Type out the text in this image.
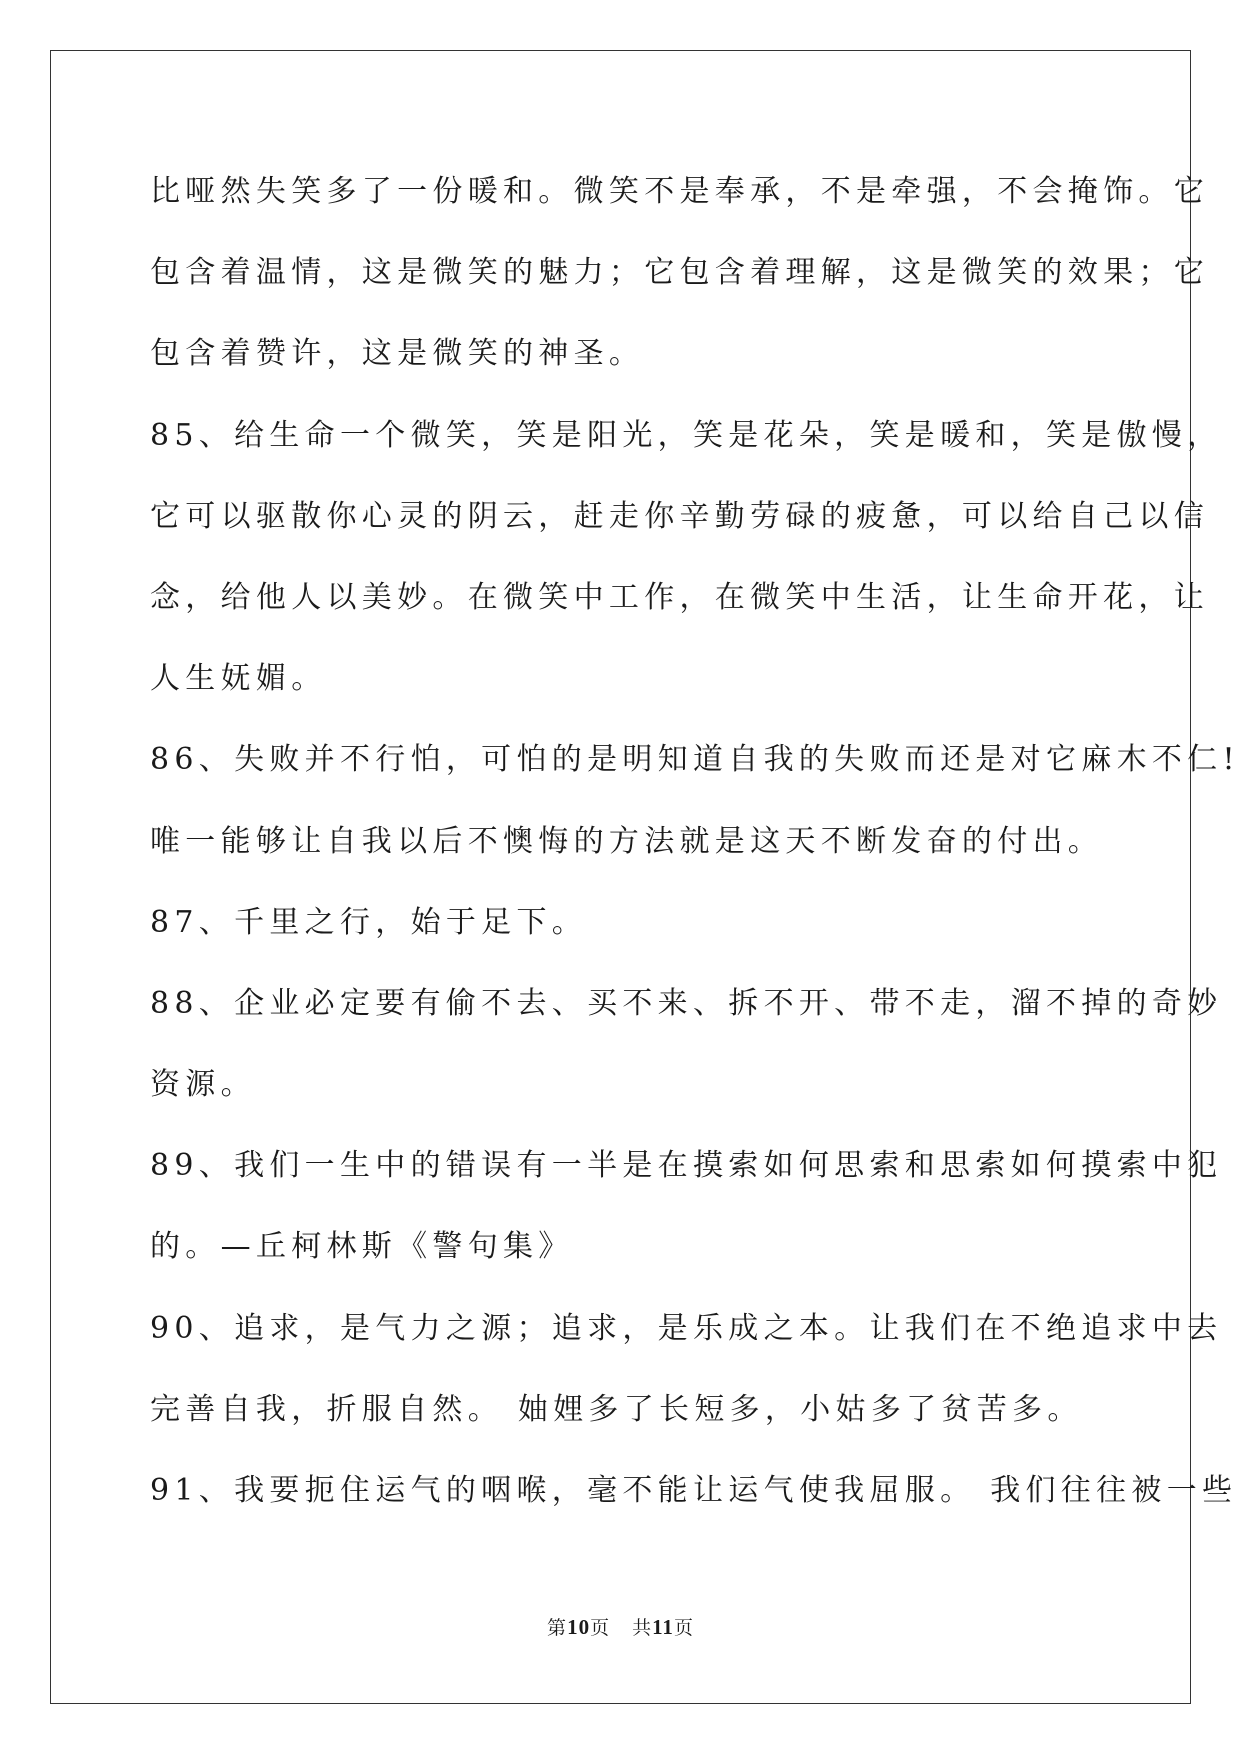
比哑然失笑多了一份暖和。微笑不是奉承，不是牵强，不会掩饰。它
包含着温情，这是微笑的魅力；它包含着理解，这是微笑的效果；它
包含着赞许，这是微笑的神圣。
85、给生命一个微笑，笑是阳光，笑是花朵，笑是暖和，笑是傲慢，
它可以驱散你心灵的阴云，赶走你辛勤劳碌的疲惫，可以给自己以信
念，给他人以美妙。在微笑中工作，在微笑中生活，让生命开花，让
人生妩媚。
86、失败并不行怕，可怕的是明知道自我的失败而还是对它麻木不仁!
唯一能够让自我以后不懊悔的方法就是这天不断发奋的付出。
87、千里之行，始于足下。
88、企业必定要有偷不去、买不来、拆不开、带不走，溜不掉的奇妙
资源。
89、我们一生中的错误有一半是在摸索如何思索和思索如何摸索中犯
的。—丘柯林斯《警句集》
90、追求，是气力之源；追求，是乐成之本。让我们在不绝追求中去
完善自我，折服自然。 妯娌多了长短多，小姑多了贫苦多。
91、我要扼住运气的咽喉，毫不能让运气使我屈服。 我们往往被一些
第10页 共11页
